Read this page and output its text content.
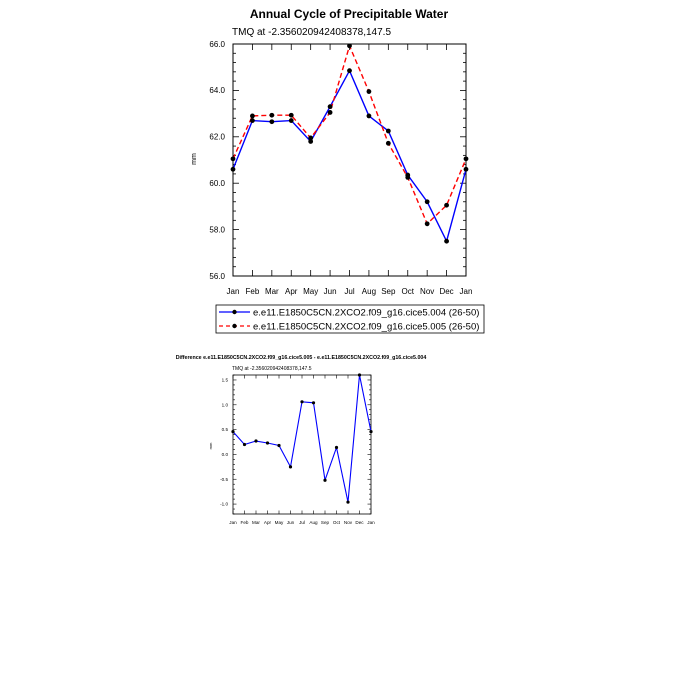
Annual Cycle of Precipitable Water
TMQ at -2.356020942408378,147.5
mm
56.0
58.0
60.0
62.0
64.0
66.0
Jan Feb Mar Apr May Jun Jul Aug Sep Oct Nov Dec Jan
e.e11.E1850C5CN.2XCO2.f09_g16.cice5.004 (26-50)
e.e11.E1850C5CN.2XCO2.f09_g16.cice5.005 (26-50)
Difference e.e11.E1850C5CN.2XCO2.f09_g16.cice5.005 - e.e11.E1850C5CN.2XCO2.f09_g16.cice5.004
TMQ at -2.356020942408378,147.5
mm
-1.0
-0.5
0.0
0.5
1.0
1.5
Jan Feb Mar Apr May Jun Jul Aug Sep Oct Nov Dec Jan
